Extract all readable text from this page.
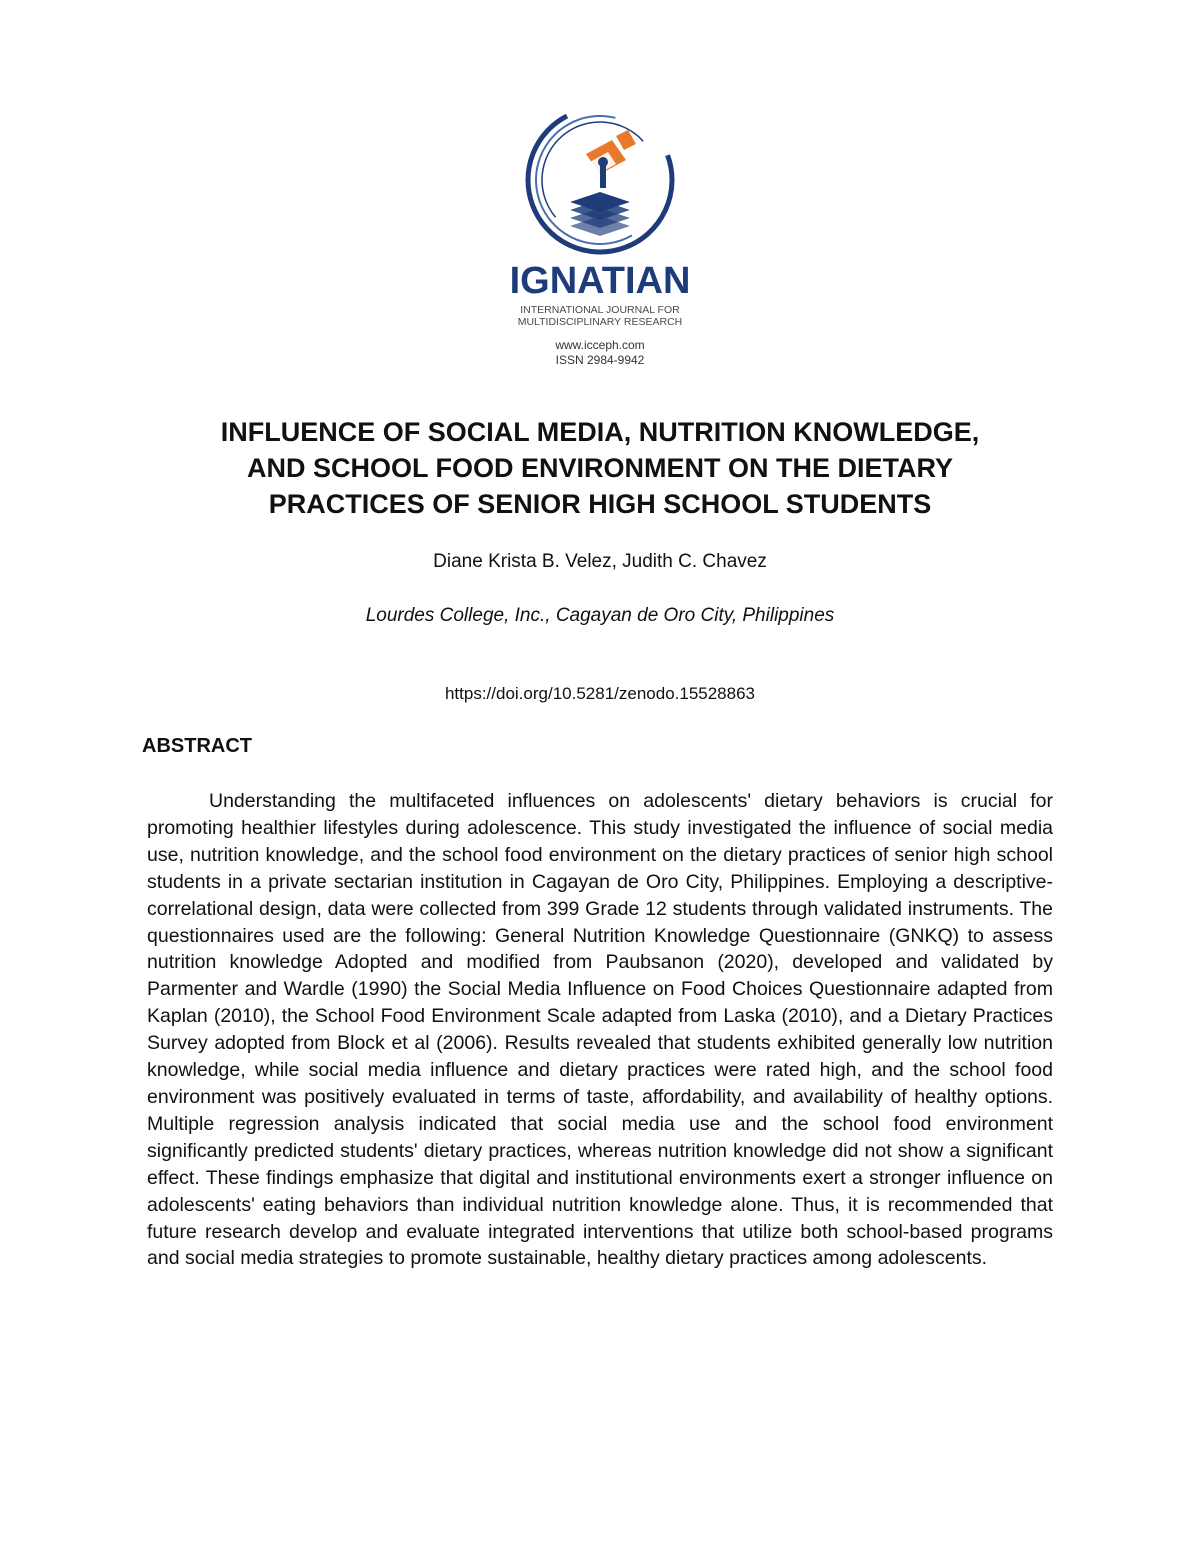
IGNATIAN
INTERNATIONAL JOURNAL FOR
MULTIDISCIPLINARY RESEARCH
www.icceph.com
ISSN 2984-9942
INFLUENCE OF SOCIAL MEDIA, NUTRITION KNOWLEDGE,
AND SCHOOL FOOD ENVIRONMENT ON THE DIETARY
PRACTICES OF SENIOR HIGH SCHOOL STUDENTS
Diane Krista B. Velez, Judith C. Chavez
Lourdes College, Inc., Cagayan de Oro City, Philippines
https://doi.org/10.5281/zenodo.15528863
ABSTRACT
Understanding the multifaceted influences on adolescents' dietary behaviors is crucial for promoting healthier lifestyles during adolescence. This study investigated the influence of social media use, nutrition knowledge, and the school food environment on the dietary practices of senior high school students in a private sectarian institution in Cagayan de Oro City, Philippines. Employing a descriptive-correlational design, data were collected from 399 Grade 12 students through validated instruments. The questionnaires used are the following: General Nutrition Knowledge Questionnaire (GNKQ) to assess nutrition knowledge Adopted and modified from Paubsanon (2020), developed and validated by Parmenter and Wardle (1990) the Social Media Influence on Food Choices Questionnaire adapted from Kaplan (2010), the School Food Environment Scale adapted from Laska (2010), and a Dietary Practices Survey adopted from Block et al (2006). Results revealed that students exhibited generally low nutrition knowledge, while social media influence and dietary practices were rated high, and the school food environment was positively evaluated in terms of taste, affordability, and availability of healthy options. Multiple regression analysis indicated that social media use and the school food environment significantly predicted students' dietary practices, whereas nutrition knowledge did not show a significant effect. These findings emphasize that digital and institutional environments exert a stronger influence on adolescents' eating behaviors than individual nutrition knowledge alone. Thus, it is recommended that future research develop and evaluate integrated interventions that utilize both school-based programs and social media strategies to promote sustainable, healthy dietary practices among adolescents.
